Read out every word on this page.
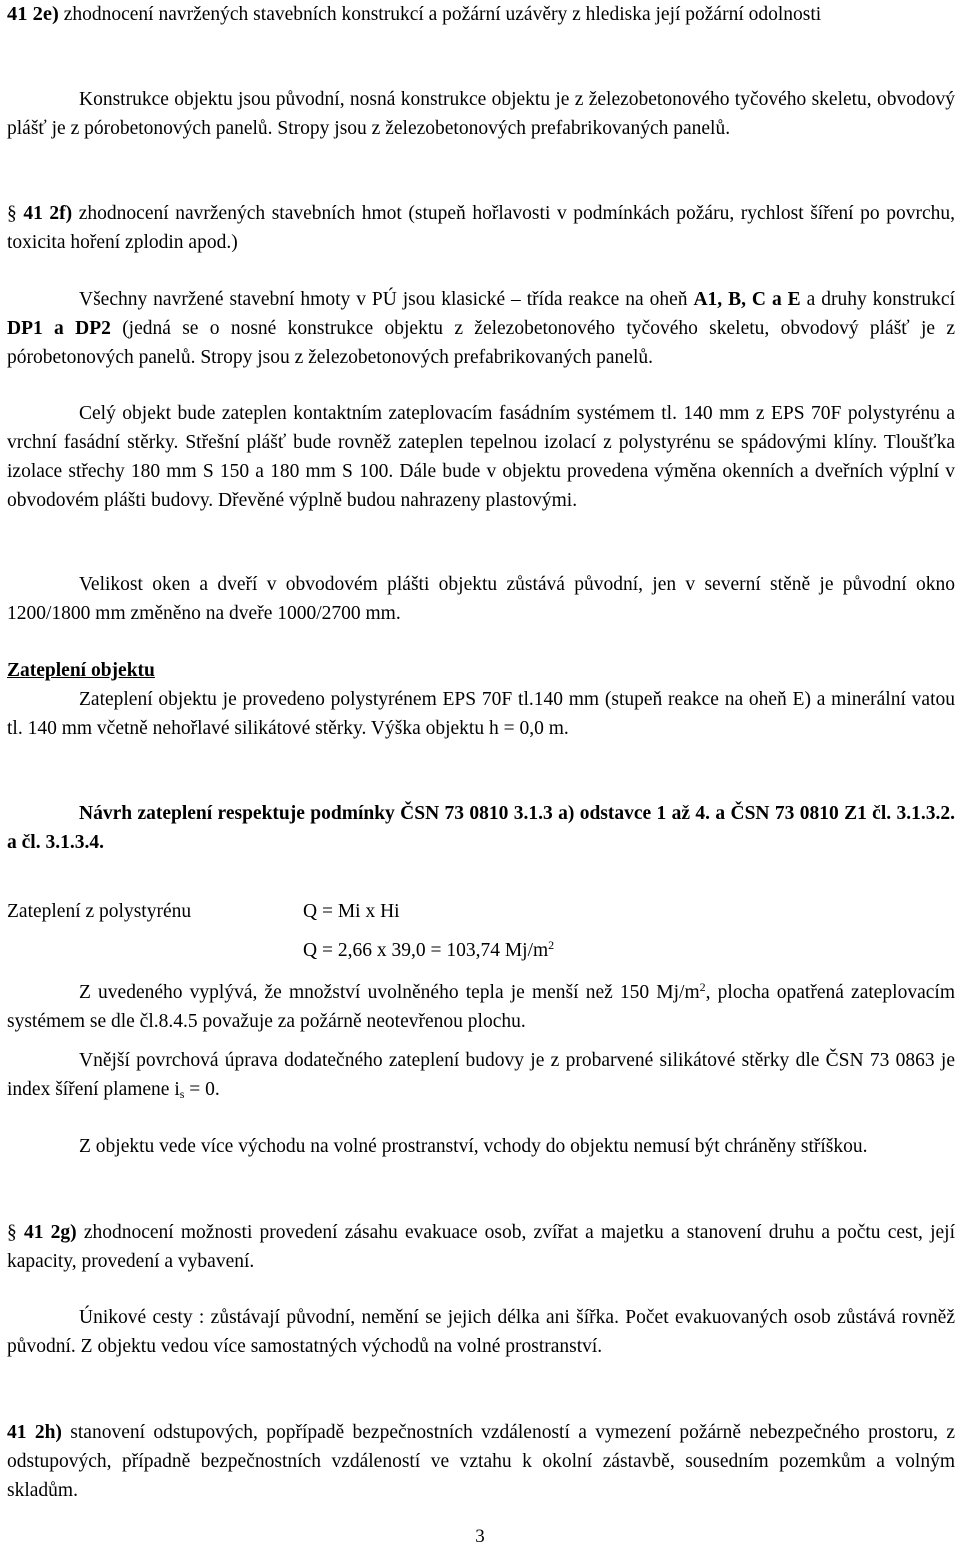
41 2e) zhodnocení navržených stavebních konstrukcí a požární uzávěry z hlediska její požární odolnosti

Konstrukce objektu jsou původní, nosná konstrukce objektu je z železobetonového tyčového skeletu, obvodový plášť je z pórobetonových panelů. Stropy jsou z železobetonových prefabrikovaných panelů.

§ 41 2f) zhodnocení navržených stavebních hmot (stupeň hořlavosti v podmínkách požáru, rychlost šíření po povrchu, toxicita hoření zplodin apod.)

Všechny navržené stavební hmoty v PÚ jsou klasické – třída reakce na oheň A1, B, C a E a druhy konstrukcí DP1 a DP2 (jedná se o nosné konstrukce objektu z železobetonového tyčového skeletu, obvodový plášť je z pórobetonových panelů. Stropy jsou z železobetonových prefabrikovaných panelů.

Celý objekt bude zateplen kontaktním zateplovacím fasádním systémem tl. 140 mm z EPS 70F polystyrénu a vrchní fasádní stěrky. Střešní plášť bude rovněž zateplen tepelnou izolací z polystyrénu se spádovými klíny. Tloušťka izolace střechy 180 mm S 150 a 180 mm S 100. Dále bude v objektu provedena výměna okenních a dveřních výplní v obvodovém plášti budovy. Dřevěné výplně budou nahrazeny plastovými.

Velikost oken a dveří v obvodovém plášti objektu zůstává původní, jen v severní stěně je původní okno 1200/1800 mm změněno na dveře 1000/2700 mm.

Zateplení objektu

Zateplení objektu je provedeno polystyrénem EPS 70F tl.140 mm (stupeň reakce na oheň E) a minerální vatou tl. 140 mm včetně nehořlavé silikátové stěrky. Výška objektu h = 0,0 m.

Návrh zateplení respektuje podmínky ČSN 73 0810 3.1.3 a) odstavce 1 až 4. a ČSN 73 0810 Z1 čl. 3.1.3.2. a čl. 3.1.3.4.

Zateplení z polystyrénu	Q = Mi x Hi
Q = 2,66 x 39,0 = 103,74 $Mj/m^2$

Z uvedeného vyplývá, že množství uvolněného tepla je menší než 150 $Mj/m^2$, plocha opatřená zateplovacím systémem se dle čl.8.4.5 považuje za požárně neotevřenou plochu.

Vnější povrchová úprava dodatečného zateplení budovy je z probarvené silikátové stěrky dle ČSN 73 0863 je index šíření plamene $i_s = 0$.

Z objektu vede více východu na volné prostranství, vchody do objektu nemusí být chráněny stříškou.

§ 41 2g) zhodnocení možnosti provedení zásahu evakuace osob, zvířat a majetku a stanovení druhu a počtu cest, její kapacity, provedení a vybavení.

Únikové cesty : zůstávají původní, nemění se jejich délka ani šířka. Počet evakuovaných osob zůstává rovněž původní. Z objektu vedou více samostatných východů na volné prostranství.

41 2h) stanovení odstupových, popřípadě bezpečnostních vzdáleností a vymezení požárně nebezpečného prostoru, z odstupových, případně bezpečnostních vzdáleností ve vztahu k okolní zástavbě, sousedním pozemkům a volným skladům.

3
